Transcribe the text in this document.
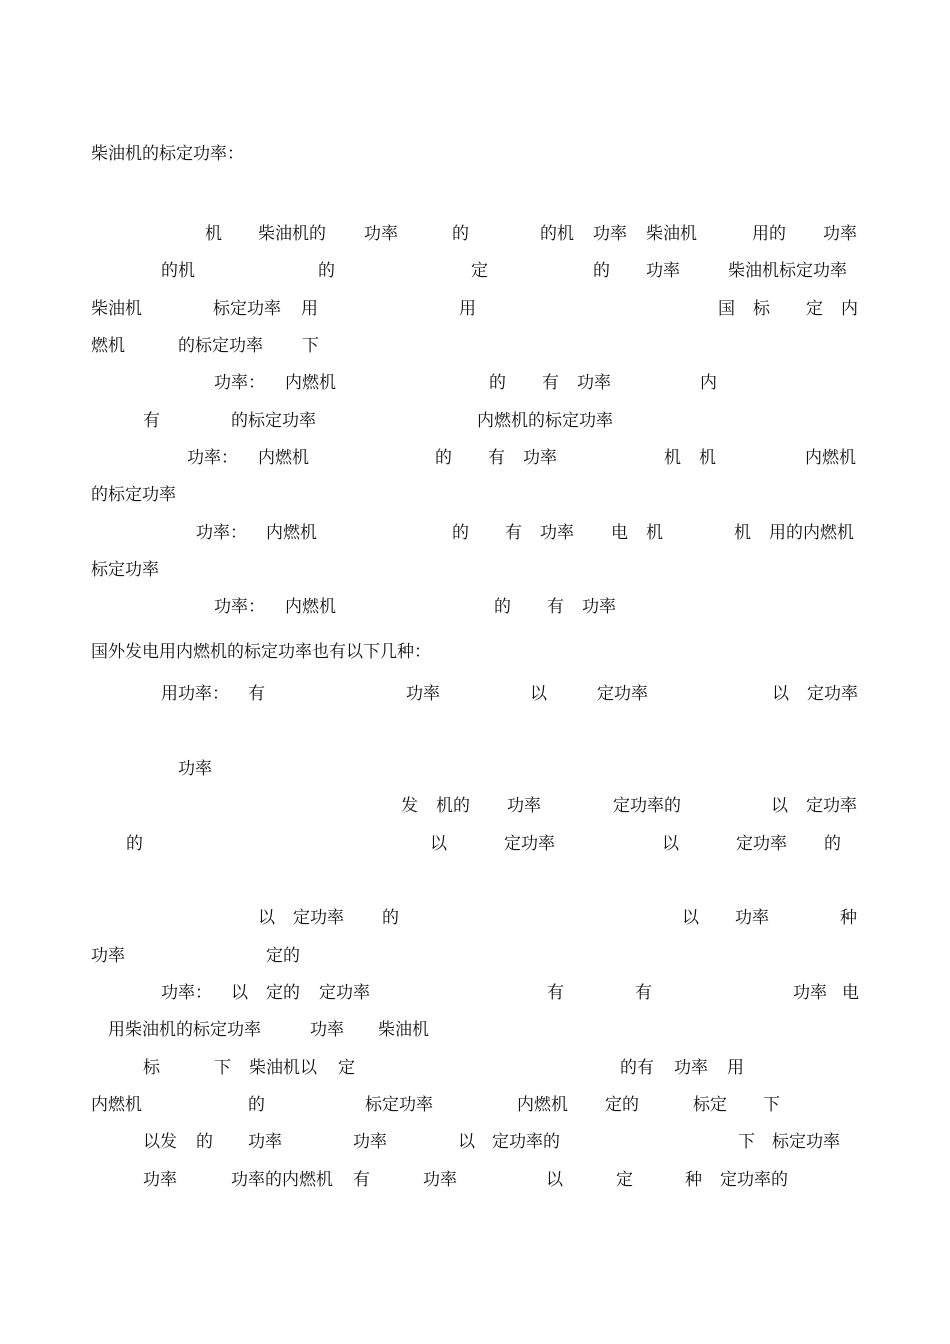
柴油机的标定功率：
机 柴油机的 功率	的	的机 功率 柴油机	用的 功率
的机	的	定	的 功率	柴油机标定功率
柴油机	标定功率 用	用	国 标 定 内
燃机	的标定功率 下
功率： 内燃机	的 有 功率	内
有	的标定功率	内燃机的标定功率
功率： 内燃机	的 有 功率	机 机	内燃机
的标定功率
功率： 内燃机	的 有 功率 电 机	机 用的内燃机
标定功率
功率： 内燃机	的 有 功率
国外发电用内燃机的标定功率也有以下几种：
用功率： 有	功率	以	定功率	以 定功率
功率
发 机的 功率	定功率的	以 定功率
的	以	定功率	以	定功率 的
以 定功率 的	以 功率	种
功率	定的
功率： 以 定的 定功率	有	有	功率 电
用柴油机的标定功率	功率 柴油机
标	下 柴油机以 定	的有 功率 用
内燃机	的	标定功率	内燃机 定的	标定 下
以发 的 功率	功率	以 定功率的	下 标定功率
功率	功率的内燃机 有	功率	以	定	种 定功率的
